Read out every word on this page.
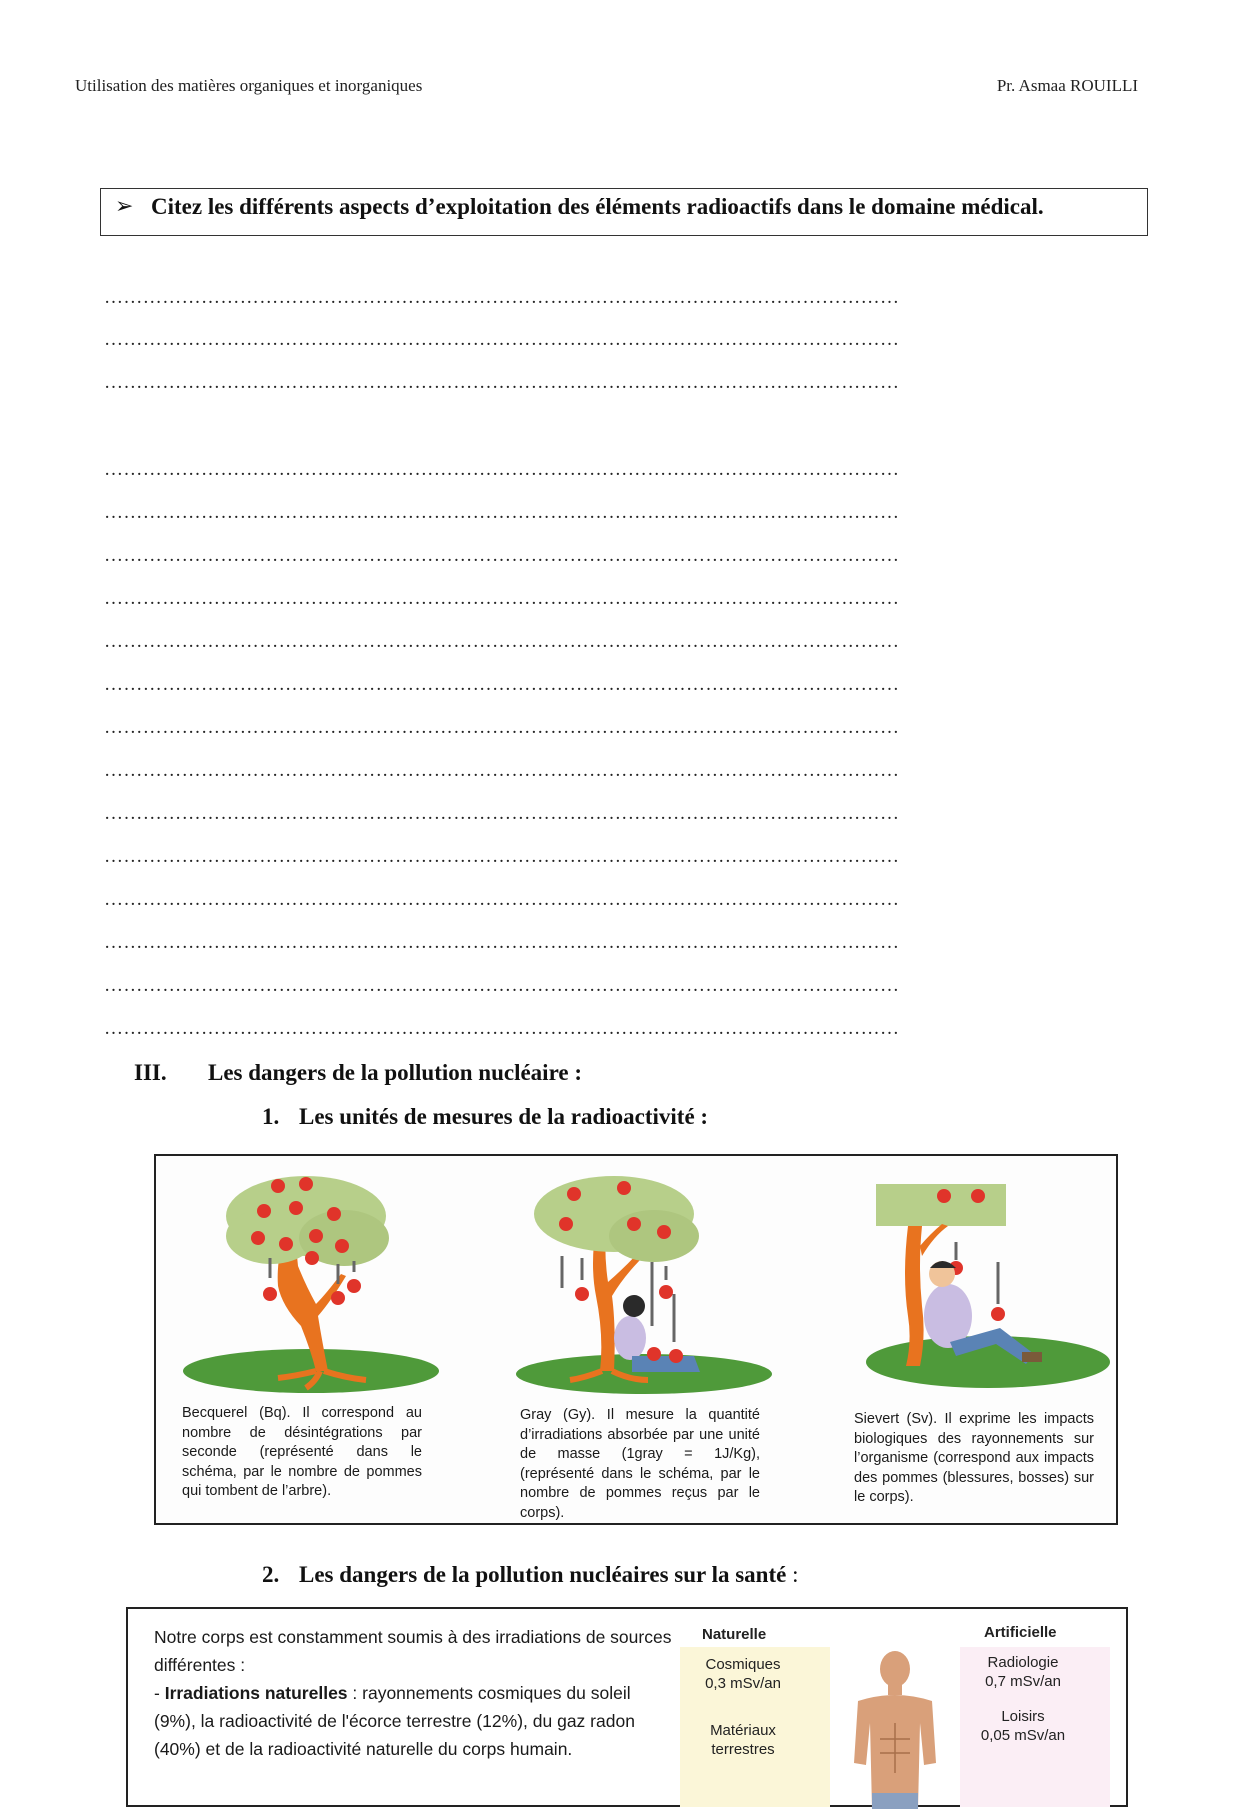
Utilisation des matières organiques et inorganiques	Pr. Asmaa ROUILLI
➢ Citez les différents aspects d’exploitation des éléments radioactifs dans le domaine médical.
……………………………………………………………………………………………………………
……………………………………………………………………………………………………………
……………………………………………………………………………………………………………
……………………………………………………………………………………………………………
……………………………………………………………………………………………………………
……………………………………………………………………………………………………………
……………………………………………………………………………………………………………
……………………………………………………………………………………………………………
……………………………………………………………………………………………………………
……………………………………………………………………………………………………………
……………………………………………………………………………………………………………
……………………………………………………………………………………………………………
……………………………………………………………………………………………………………
……………………………………………………………………………………………………………
……………………………………………………………………………………………………………
……………………………………………………………………………………………………………
……………………………………………………………………………………………………………
III. Les dangers de la pollution nucléaire :
1. Les unités de mesures de la radioactivité :
Becquerel (Bq). Il correspond au nombre de désintégrations par seconde (représenté dans le schéma, par le nombre de pommes qui tombent de l’arbre).
Gray (Gy). Il mesure la quantité d’irradiations absorbée par une unité de masse (1gray = 1J/Kg), (représenté dans le schéma, par le nombre de pommes reçus par le corps).
Sievert (Sv). Il exprime les impacts biologiques des rayonnements sur l’organisme (correspond aux impacts des pommes (blessures, bosses) sur le corps).
2. Les dangers de la pollution nucléaires sur la santé :
Notre corps est constamment soumis à des irradiations de sources différentes :
- Irradiations naturelles : rayonnements cosmiques du soleil (9%), la radioactivité de l'écorce terrestre (12%), du gaz radon (40%) et de la radioactivité naturelle du corps humain.
Naturelle
Cosmiques
0,3 mSv/an
Matériaux
terrestres
Artificielle
Radiologie
0,7 mSv/an
Loisirs
0,05 mSv/an
